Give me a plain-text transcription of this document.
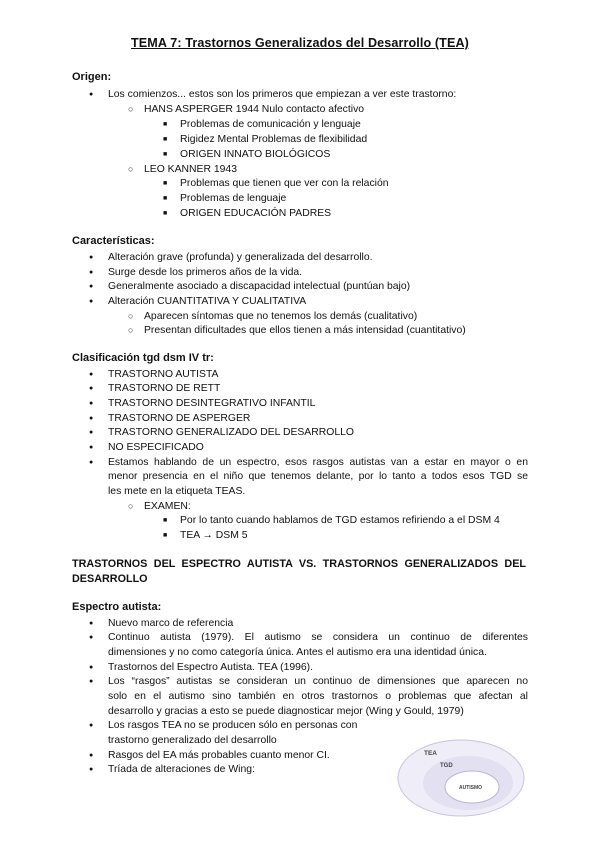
TEMA 7: Trastornos Generalizados del Desarrollo (TEA)
Origen:
● Los comienzos... estos son los primeros que empiezan a ver este trastorno:
○ HANS ASPERGER 1944 Nulo contacto afectivo
■ Problemas de comunicación y lenguaje
■ Rigidez Mental Problemas de flexibilidad
■ ORIGEN INNATO BIOLÓGICOS
○ LEO KANNER 1943
■ Problemas que tienen que ver con la relación
■ Problemas de lenguaje
■ ORIGEN EDUCACIÓN PADRES
Características:
● Alteración grave (profunda) y generalizada del desarrollo.
● Surge desde los primeros años de la vida.
● Generalmente asociado a discapacidad intelectual (puntúan bajo)
● Alteración CUANTITATIVA Y CUALITATIVA
○ Aparecen síntomas que no tenemos los demás (cualitativo)
○ Presentan dificultades que ellos tienen a más intensidad (cuantitativo)
Clasificación tgd dsm IV tr:
● TRASTORNO AUTISTA
● TRASTORNO DE RETT
● TRASTORNO DESINTEGRATIVO INFANTIL
● TRASTORNO DE ASPERGER
● TRASTORNO GENERALIZADO DEL DESARROLLO
● NO ESPECIFICADO
● Estamos hablando de un espectro, esos rasgos autistas van a estar en mayor o en
menor presencia en el niño que tenemos delante, por lo tanto a todos esos TGD se
les mete en la etiqueta TEAS.
○ EXAMEN:
■ Por lo tanto cuando hablamos de TGD estamos refiriendo a el DSM 4
■ TEA → DSM 5
TRASTORNOS DEL ESPECTRO AUTISTA VS. TRASTORNOS GENERALIZADOS DEL
DESARROLLO
Espectro autista:
● Nuevo marco de referencia
● Continuo autista (1979). El autismo se considera un continuo de diferentes
dimensiones y no como categoría única. Antes el autismo era una identidad única.
● Trastornos del Espectro Autista. TEA (1996).
● Los “rasgos” autistas se consideran un continuo de dimensiones que aparecen no
solo en el autismo sino también en otros trastornos o problemas que afectan al
desarrollo y gracias a esto se puede diagnosticar mejor (Wing y Gould, 1979)
● Los rasgos TEA no se producen sólo en personas con
trastorno generalizado del desarrollo
● Rasgos del EA más probables cuanto menor CI.
● Tríada de alteraciones de Wing:
TEA
TGD
AUTISMO
